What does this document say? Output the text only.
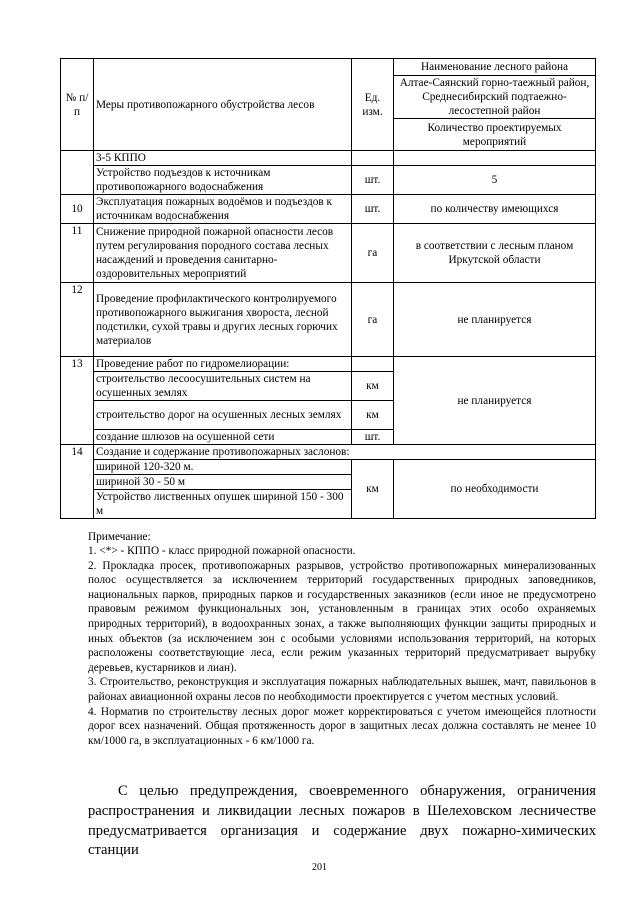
№ п/п	Меры противопожарного обустройства лесов	Ед. изм.	Наименование лесного района
			Алтае-Саянский горно-таежный район, Среднесибирский подтаежно-лесостепной район
			Количество проектируемых мероприятий
	3-5 КППО		
	Устройство подъездов к источникам противопожарного водоснабжения	шт.	5
10	Эксплуатация пожарных водоёмов и подъездов к источникам водоснабжения	шт.	по количеству имеющихся
11	Снижение природной пожарной опасности лесов путем регулирования породного состава лесных насаждений и проведения санитарно-оздоровительных мероприятий	га	в соответствии с лесным планом Иркутской области
12	Проведение профилактического контролируемого противопожарного выжигания хвороста, лесной подстилки, сухой травы и других лесных горючих материалов	га	не планируется
13	Проведение работ по гидромелиорации:		не планируется
	строительство лесоосушительных систем на осушенных землях	км	
	строительство дорог на осушенных лесных землях	км	
	создание шлюзов на осушенной сети	шт.	
14	Создание и содержание противопожарных заслонов:		
	шириной 120-320 м.	км	по необходимости
	шириной 30 - 50 м		
	Устройство лиственных опушек шириной 150 - 300 м		
Примечание:

1. <*> - КППО - класс природной пожарной опасности.

2. Прокладка просек, противопожарных разрывов, устройство противопожарных минерализованных полос осуществляется за исключением территорий государственных природных заповедников, национальных парков, природных парков и государственных заказников (если иное не предусмотрено правовым режимом функциональных зон, установленным в границах этих особо охраняемых природных территорий), в водоохранных зонах, а также выполняющих функции защиты природных и иных объектов (за исключением зон с особыми условиями использования территорий, на которых расположены соответствующие леса, если режим указанных территорий предусматривает вырубку деревьев, кустарников и лиан).

3. Строительство, реконструкция и эксплуатация пожарных наблюдательных вышек, мачт, павильонов в районах авиационной охраны лесов по необходимости проектируется с учетом местных условий.

4. Норматив по строительству лесных дорог может корректироваться с учетом имеющейся плотности дорог всех назначений. Общая протяженность дорог в защитных лесах должна составлять не менее 10 км/1000 га, в эксплуатационных - 6 км/1000 га.

С целью предупреждения, своевременного обнаружения, ограничения распространения и ликвидации лесных пожаров в Шелеховском лесничестве предусматривается организация и содержание двух пожарно-химических станции

201
